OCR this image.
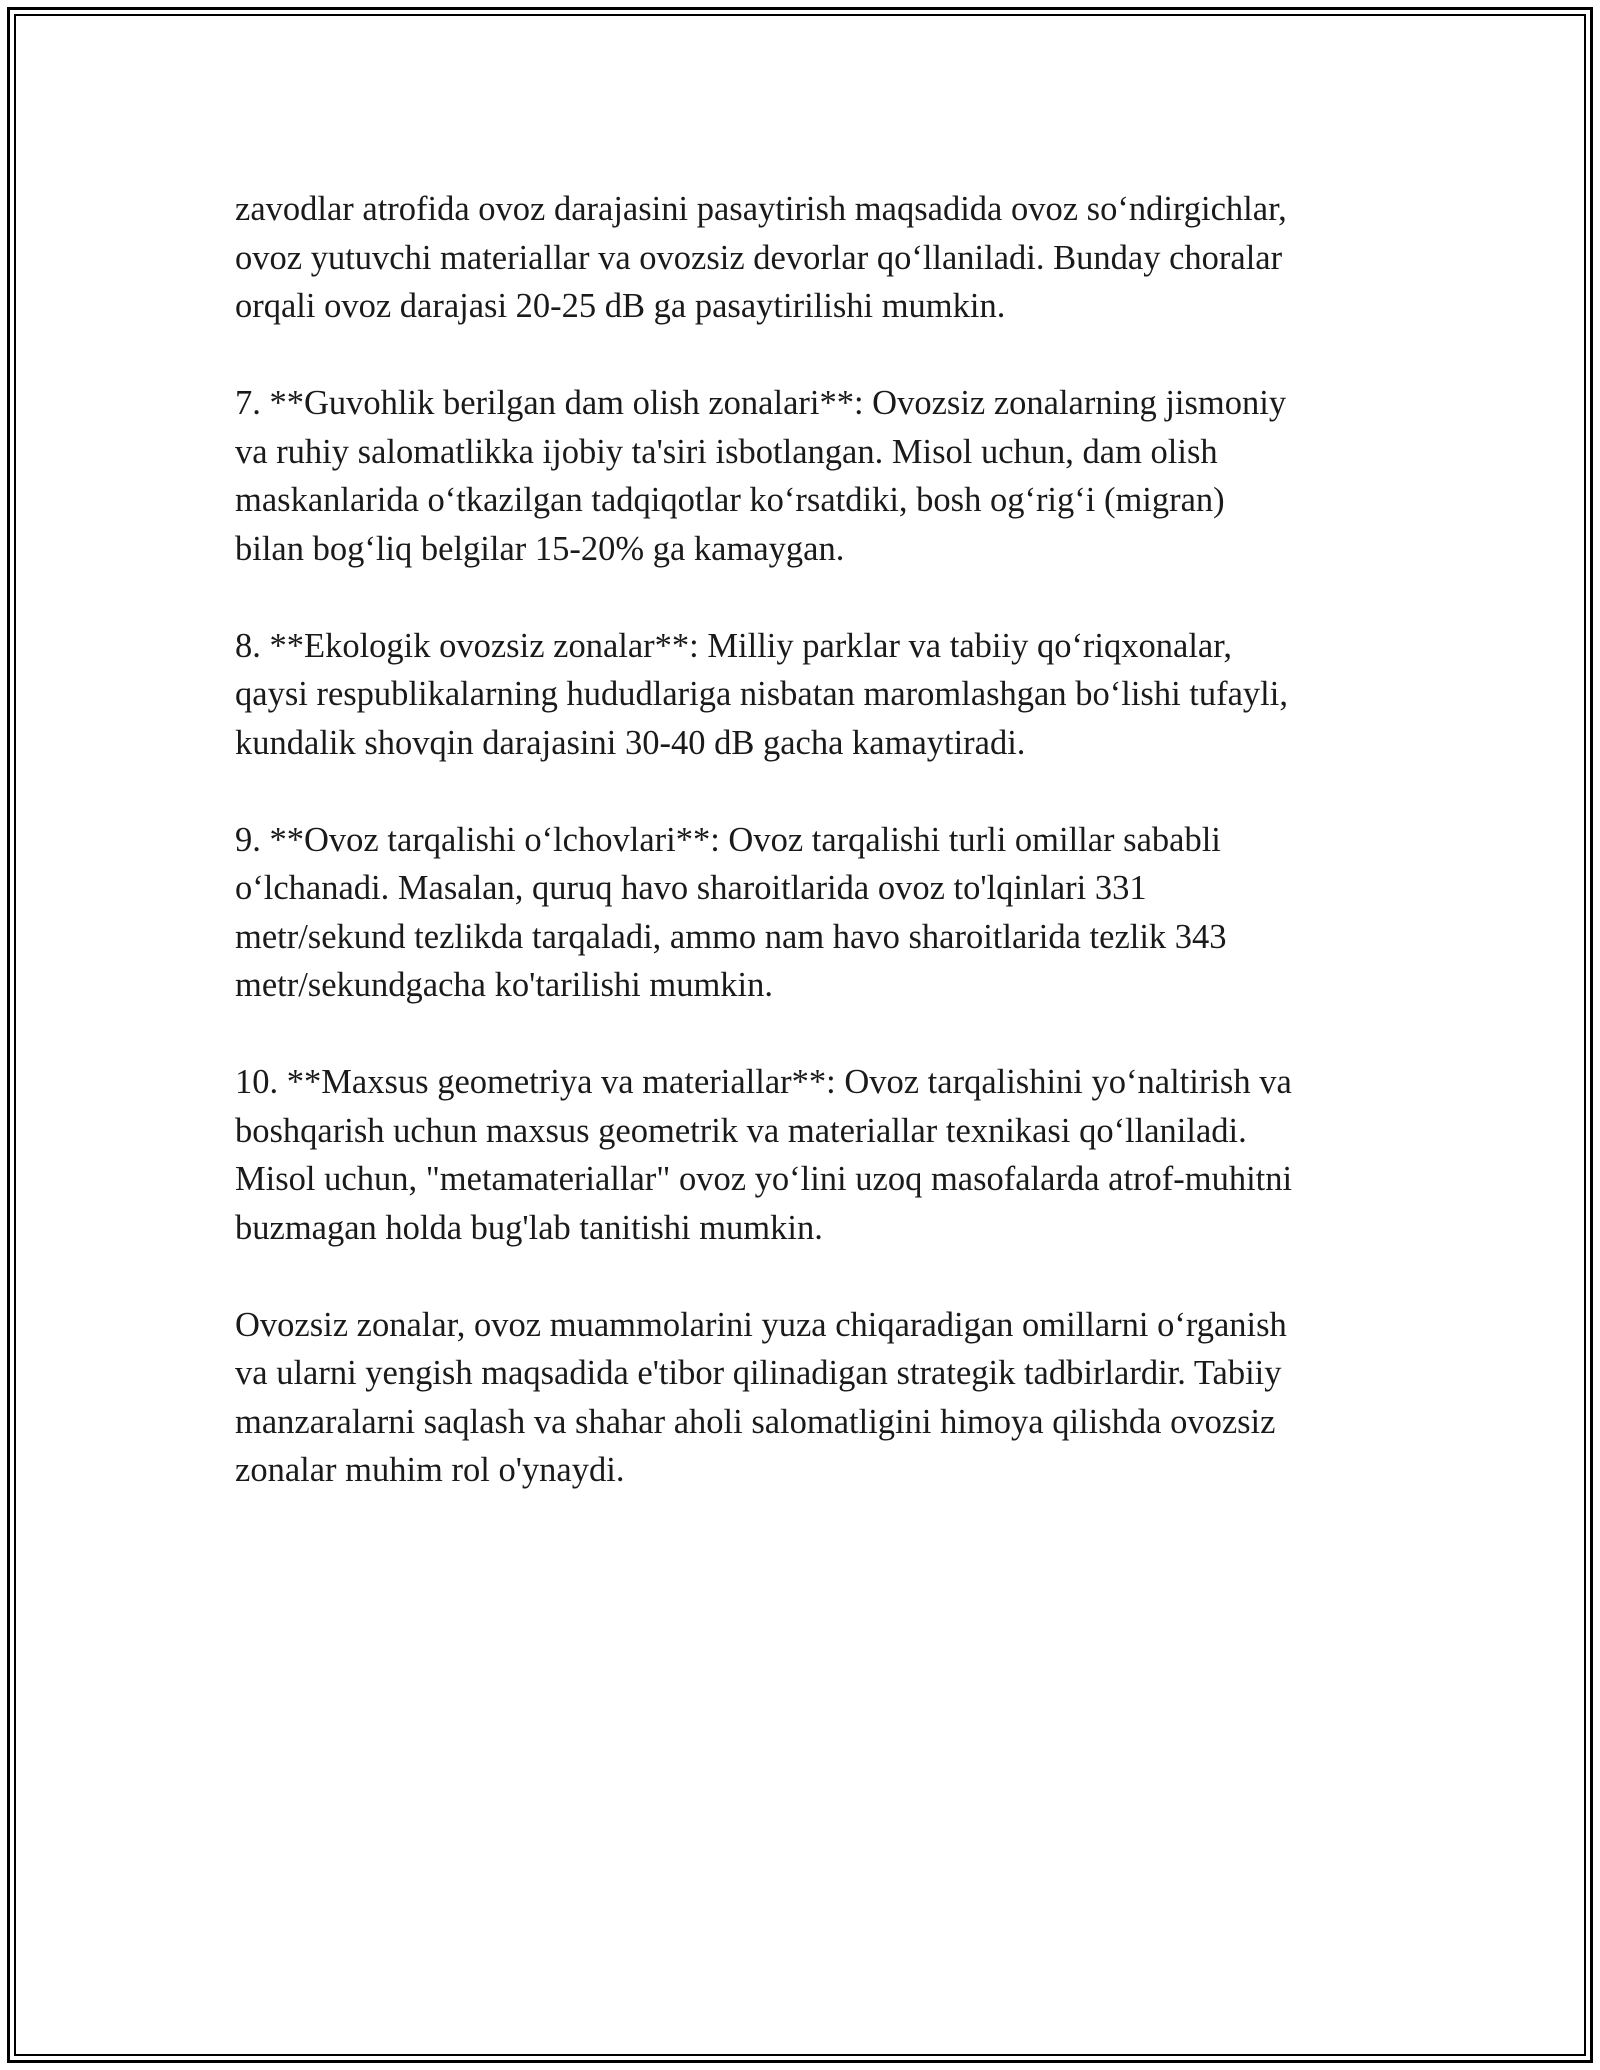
zavodlar atrofida ovoz darajasini pasaytirish maqsadida ovoz so‘ndirgichlar,
ovoz yutuvchi materiallar va ovozsiz devorlar qo‘llaniladi. Bunday choralar
orqali ovoz darajasi 20-25 dB ga pasaytirilishi mumkin.

7. **Guvohlik berilgan dam olish zonalari**: Ovozsiz zonalarning jismoniy
va ruhiy salomatlikka ijobiy ta'siri isbotlangan. Misol uchun, dam olish
maskanlarida o‘tkazilgan tadqiqotlar ko‘rsatdiki, bosh og‘rig‘i (migran)
bilan bog‘liq belgilar 15-20% ga kamaygan.

8. **Ekologik ovozsiz zonalar**: Milliy parklar va tabiiy qo‘riqxonalar,
qaysi respublikalarning hududlariga nisbatan maromlashgan bo‘lishi tufayli,
kundalik shovqin darajasini 30-40 dB gacha kamaytiradi.

9. **Ovoz tarqalishi o‘lchovlari**: Ovoz tarqalishi turli omillar sababli
o‘lchanadi. Masalan, quruq havo sharoitlarida ovoz to'lqinlari 331
metr/sekund tezlikda tarqaladi, ammo nam havo sharoitlarida tezlik 343
metr/sekundgacha ko'tarilishi mumkin.

10. **Maxsus geometriya va materiallar**: Ovoz tarqalishini yo‘naltirish va
boshqarish uchun maxsus geometrik va materiallar texnikasi qo‘llaniladi.
Misol uchun, "metamateriallar" ovoz yo‘lini uzoq masofalarda atrof-muhitni
buzmagan holda bug'lab tanitishi mumkin.

Ovozsiz zonalar, ovoz muammolarini yuza chiqaradigan omillarni o‘rganish
va ularni yengish maqsadida e'tibor qilinadigan strategik tadbirlardir. Tabiiy
manzaralarni saqlash va shahar aholi salomatligini himoya qilishda ovozsiz
zonalar muhim rol o'ynaydi.
